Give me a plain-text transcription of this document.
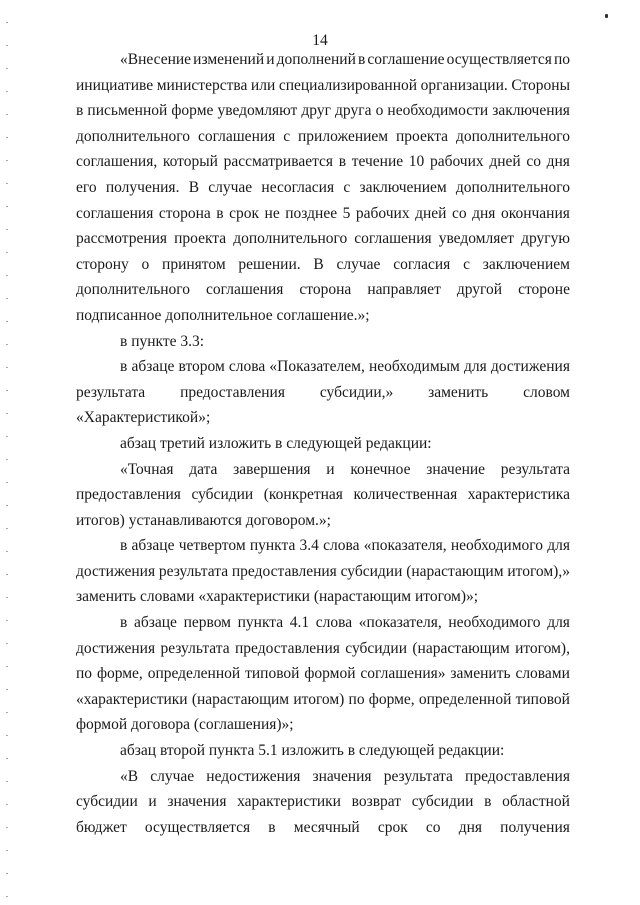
14
«Внесение изменений и дополнений в соглашение осуществляется по
инициативе министерства или специализированной организации. Стороны
в письменной форме уведомляют друг друга о необходимости заключения
дополнительного соглашения с приложением проекта дополнительного
соглашения, который рассматривается в течение 10 рабочих дней со дня
его получения. В случае несогласия с заключением дополнительного
соглашения сторона в срок не позднее 5 рабочих дней со дня окончания
рассмотрения проекта дополнительного соглашения уведомляет другую
сторону о принятом решении. В случае согласия с заключением
дополнительного соглашения сторона направляет другой стороне
подписанное дополнительное соглашение.»;
в пункте 3.3:
в абзаце втором слова «Показателем, необходимым для достижения
результата предоставления субсидии,» заменить словом
«Характеристикой»;
абзац третий изложить в следующей редакции:
«Точная дата завершения и конечное значение результата
предоставления субсидии (конкретная количественная характеристика
итогов) устанавливаются договором.»;
в абзаце четвертом пункта 3.4 слова «показателя, необходимого для
достижения результата предоставления субсидии (нарастающим итогом),»
заменить словами «характеристики (нарастающим итогом)»;
в абзаце первом пункта 4.1 слова «показателя, необходимого для
достижения результата предоставления субсидии (нарастающим итогом),
по форме, определенной типовой формой соглашения» заменить словами
«характеристики (нарастающим итогом) по форме, определенной типовой
формой договора (соглашения)»;
абзац второй пункта 5.1 изложить в следующей редакции:
«В случае недостижения значения результата предоставления
субсидии и значения характеристики возврат субсидии в областной
бюджет осуществляется в месячный срок со дня получения
